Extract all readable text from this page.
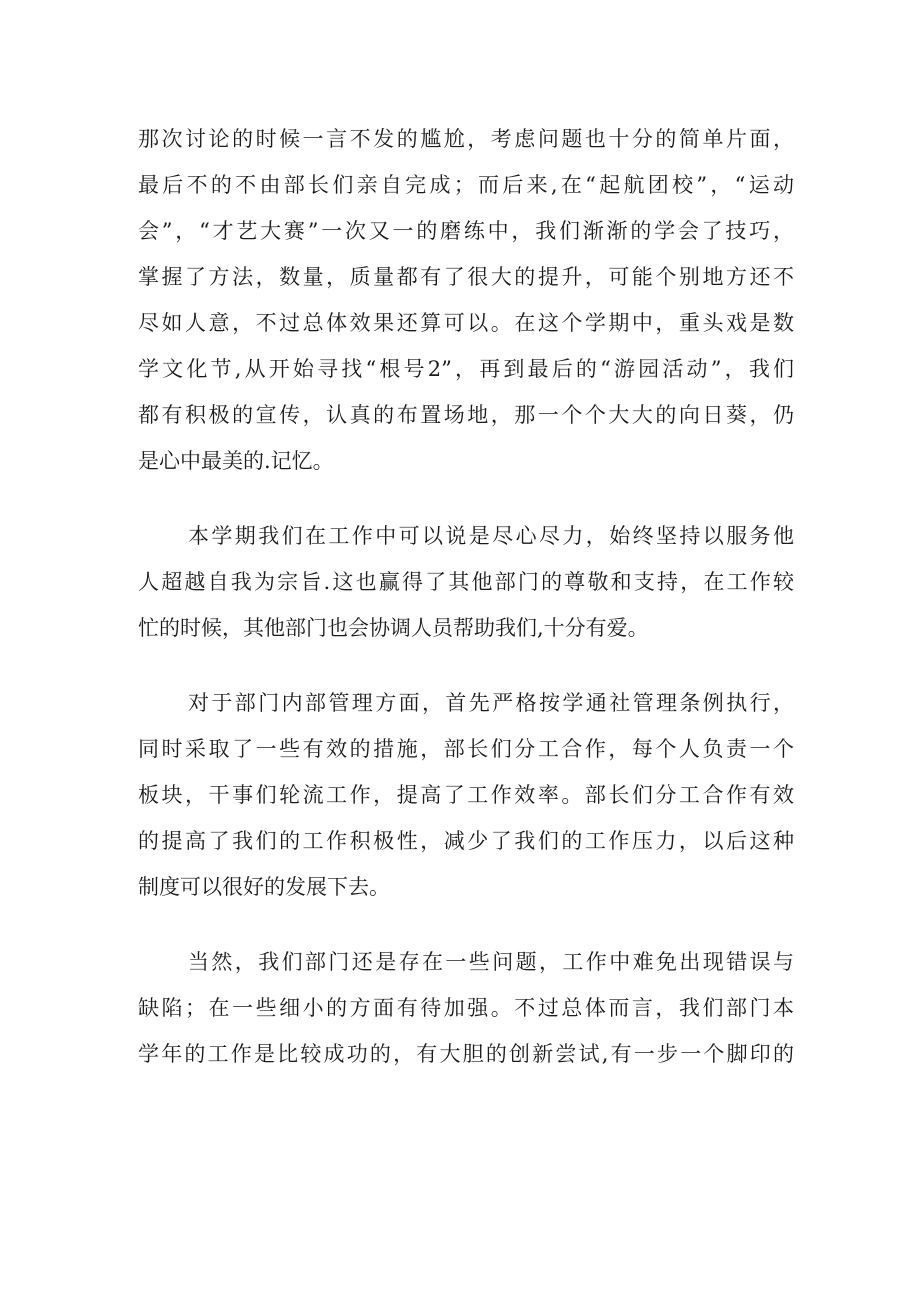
那次讨论的时候一言不发的尴尬，考虑问题也十分的简单片面，
最后不的不由部长们亲自完成；而后来,在“起航团校”，“运动
会”，“才艺大赛”一次又一的磨练中，我们渐渐的学会了技巧，
掌握了方法，数量，质量都有了很大的提升，可能个别地方还不
尽如人意，不过总体效果还算可以。在这个学期中，重头戏是数
学文化节,从开始寻找“根号2”，再到最后的“游园活动”，我们
都有积极的宣传，认真的布置场地，那一个个大大的向日葵，仍
是心中最美的.记忆。
本学期我们在工作中可以说是尽心尽力，始终坚持以服务他
人超越自我为宗旨.这也赢得了其他部门的尊敬和支持，在工作较
忙的时候，其他部门也会协调人员帮助我们,十分有爱。
对于部门内部管理方面，首先严格按学通社管理条例执行，
同时采取了一些有效的措施，部长们分工合作，每个人负责一个
板块，干事们轮流工作，提高了工作效率。部长们分工合作有效
的提高了我们的工作积极性，减少了我们的工作压力，以后这种
制度可以很好的发展下去。
当然，我们部门还是存在一些问题，工作中难免出现错误与
缺陷；在一些细小的方面有待加强。不过总体而言，我们部门本
学年的工作是比较成功的，有大胆的创新尝试,有一步一个脚印的
